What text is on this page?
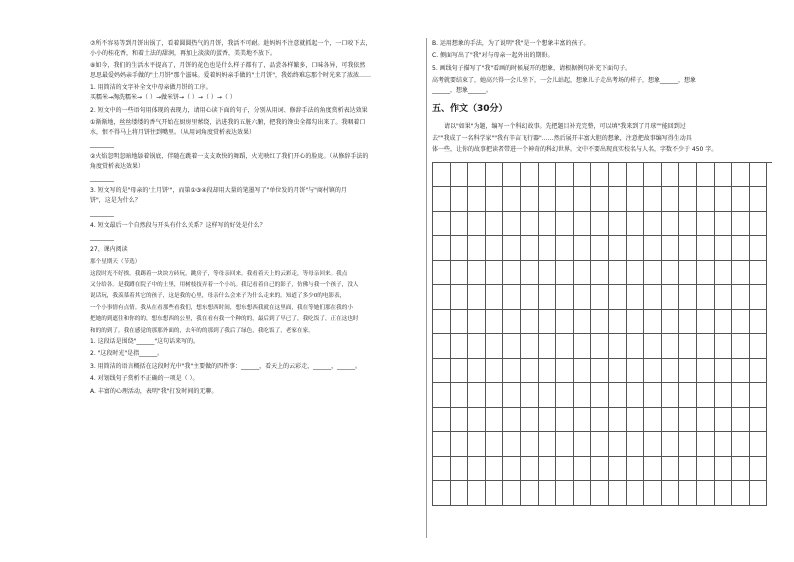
⑦所不容易等到月饼出锅了，看着圆圆热气的月饼，我活不可耐。趁妈妈不注意就抓起一个，一口咬下去，
小小的桂花香，和着土法的甜润，再加上淡淡的蛋香，美美地不放下。
⑧如今，我们的生活水平提高了，月饼的花色也是什么样子都有了，品尝各样繁多，口味各异，可我依然
思思最爱妈妈亲手做的"土月饼"那个滋味。爱着妈妈亲手做的"土月饼"，我始终难忘那个时光来了浓浓……
1. 用简洁的文字补全文中母亲做月饼的工序。
买糯米→淘洗糯米→（ ）→做米饼→（ ）→（ ）→（ ）
2. 短文中的一些语句用体现的表现力，请用心读下面的句子，分别从用词、修辞手法的角度赏析表达效果
①渐渐地，丝丝缕缕的香气开始在厨房里萦绕，沾进我的五脏六腑，把我的馋虫全都勾出来了。我咽着口
水，恨不得马上将月饼往到嘴里。（从用词角度赏析表达效果）
________
②火焰忽明忽暗地舔着锅底，伴随在跳着一支支欢快的舞蹈，火光映红了我们开心的脸庞。（从修辞手法的
角度赏析表达效果）
________
3. 短文写的是"母亲的'土月饼'"，而第①③④段却用大量的笔墨写了"单位发的月饼"与"商村镇的月
饼"，这是为什么？
________
4. 短文最后一个自然段与开头有什么关系？这样写的好处是什么？
________
27、课内阅读
那个星期天（节选）
这段时光不好挨。我踢着一块块方砖玩，跳房子，等母亲回来。我看着天上的云彩走，等母亲回来。我点
又分给各。是我蹲在院子中的土里，用树枝技弄着一个小坑。我记看着自己的影子，仿佛与我一个孩子，没人
说话玩，我羡慕着其它的孩子，这是我的心里，母亲什么会来子为什么走来的。知道了多少0的电影表，
一个小事情有点情。我从在看那些看我们，想东想西时间，想东想西我就在这里面，我在等她们那在我的小
把她的到遮住和你的的，想东想西的公里，我在看有我一个种的的，最后到了早已了，我吃饭了，正在这也时
和的的到了。我在感觉的那那外面的，去年的的那到了我后了绿色，我吃饭了，老家在家。
1. 这段话是围绕"______"这句话来写的。
2. "这段时光"是指______。
3. 用简洁的语言概括在这段时光中"我"主要做的四件事：______，看天上的云彩走，______，______。
4. 对划线句子赏析不正确的一项是（ ）。
A. 丰富的心理活动，表明"我"打发时间的无聊。
B. 运用想象的手法，为了说明"我"是一个想象丰富的孩子。
C. 侧面写出了"我"对与母亲一起外出的期盼。
5. 画线句子描写了"我"看画的时候展开的想象，请根据例句补充下面句子。
高考就要结束了，她高兴得一会儿坐下，一会儿站起，想象儿子走出考场的样子，想象______，想象
______，想象______。
五、作文（30分）
请以"如果"为题，编写一个科幻故事。先把题目补充完整，可以填"我来到了月球""能回到过
去""我成了一名科学家""我有辛亩飞行器"……然后展开丰富大胆的想象，注意把故事编写得生动具
体一些，让你的故事把读者带进一个神奇的科幻世界。文中不要出现真实校名与人名，字数不少于 450 字。
